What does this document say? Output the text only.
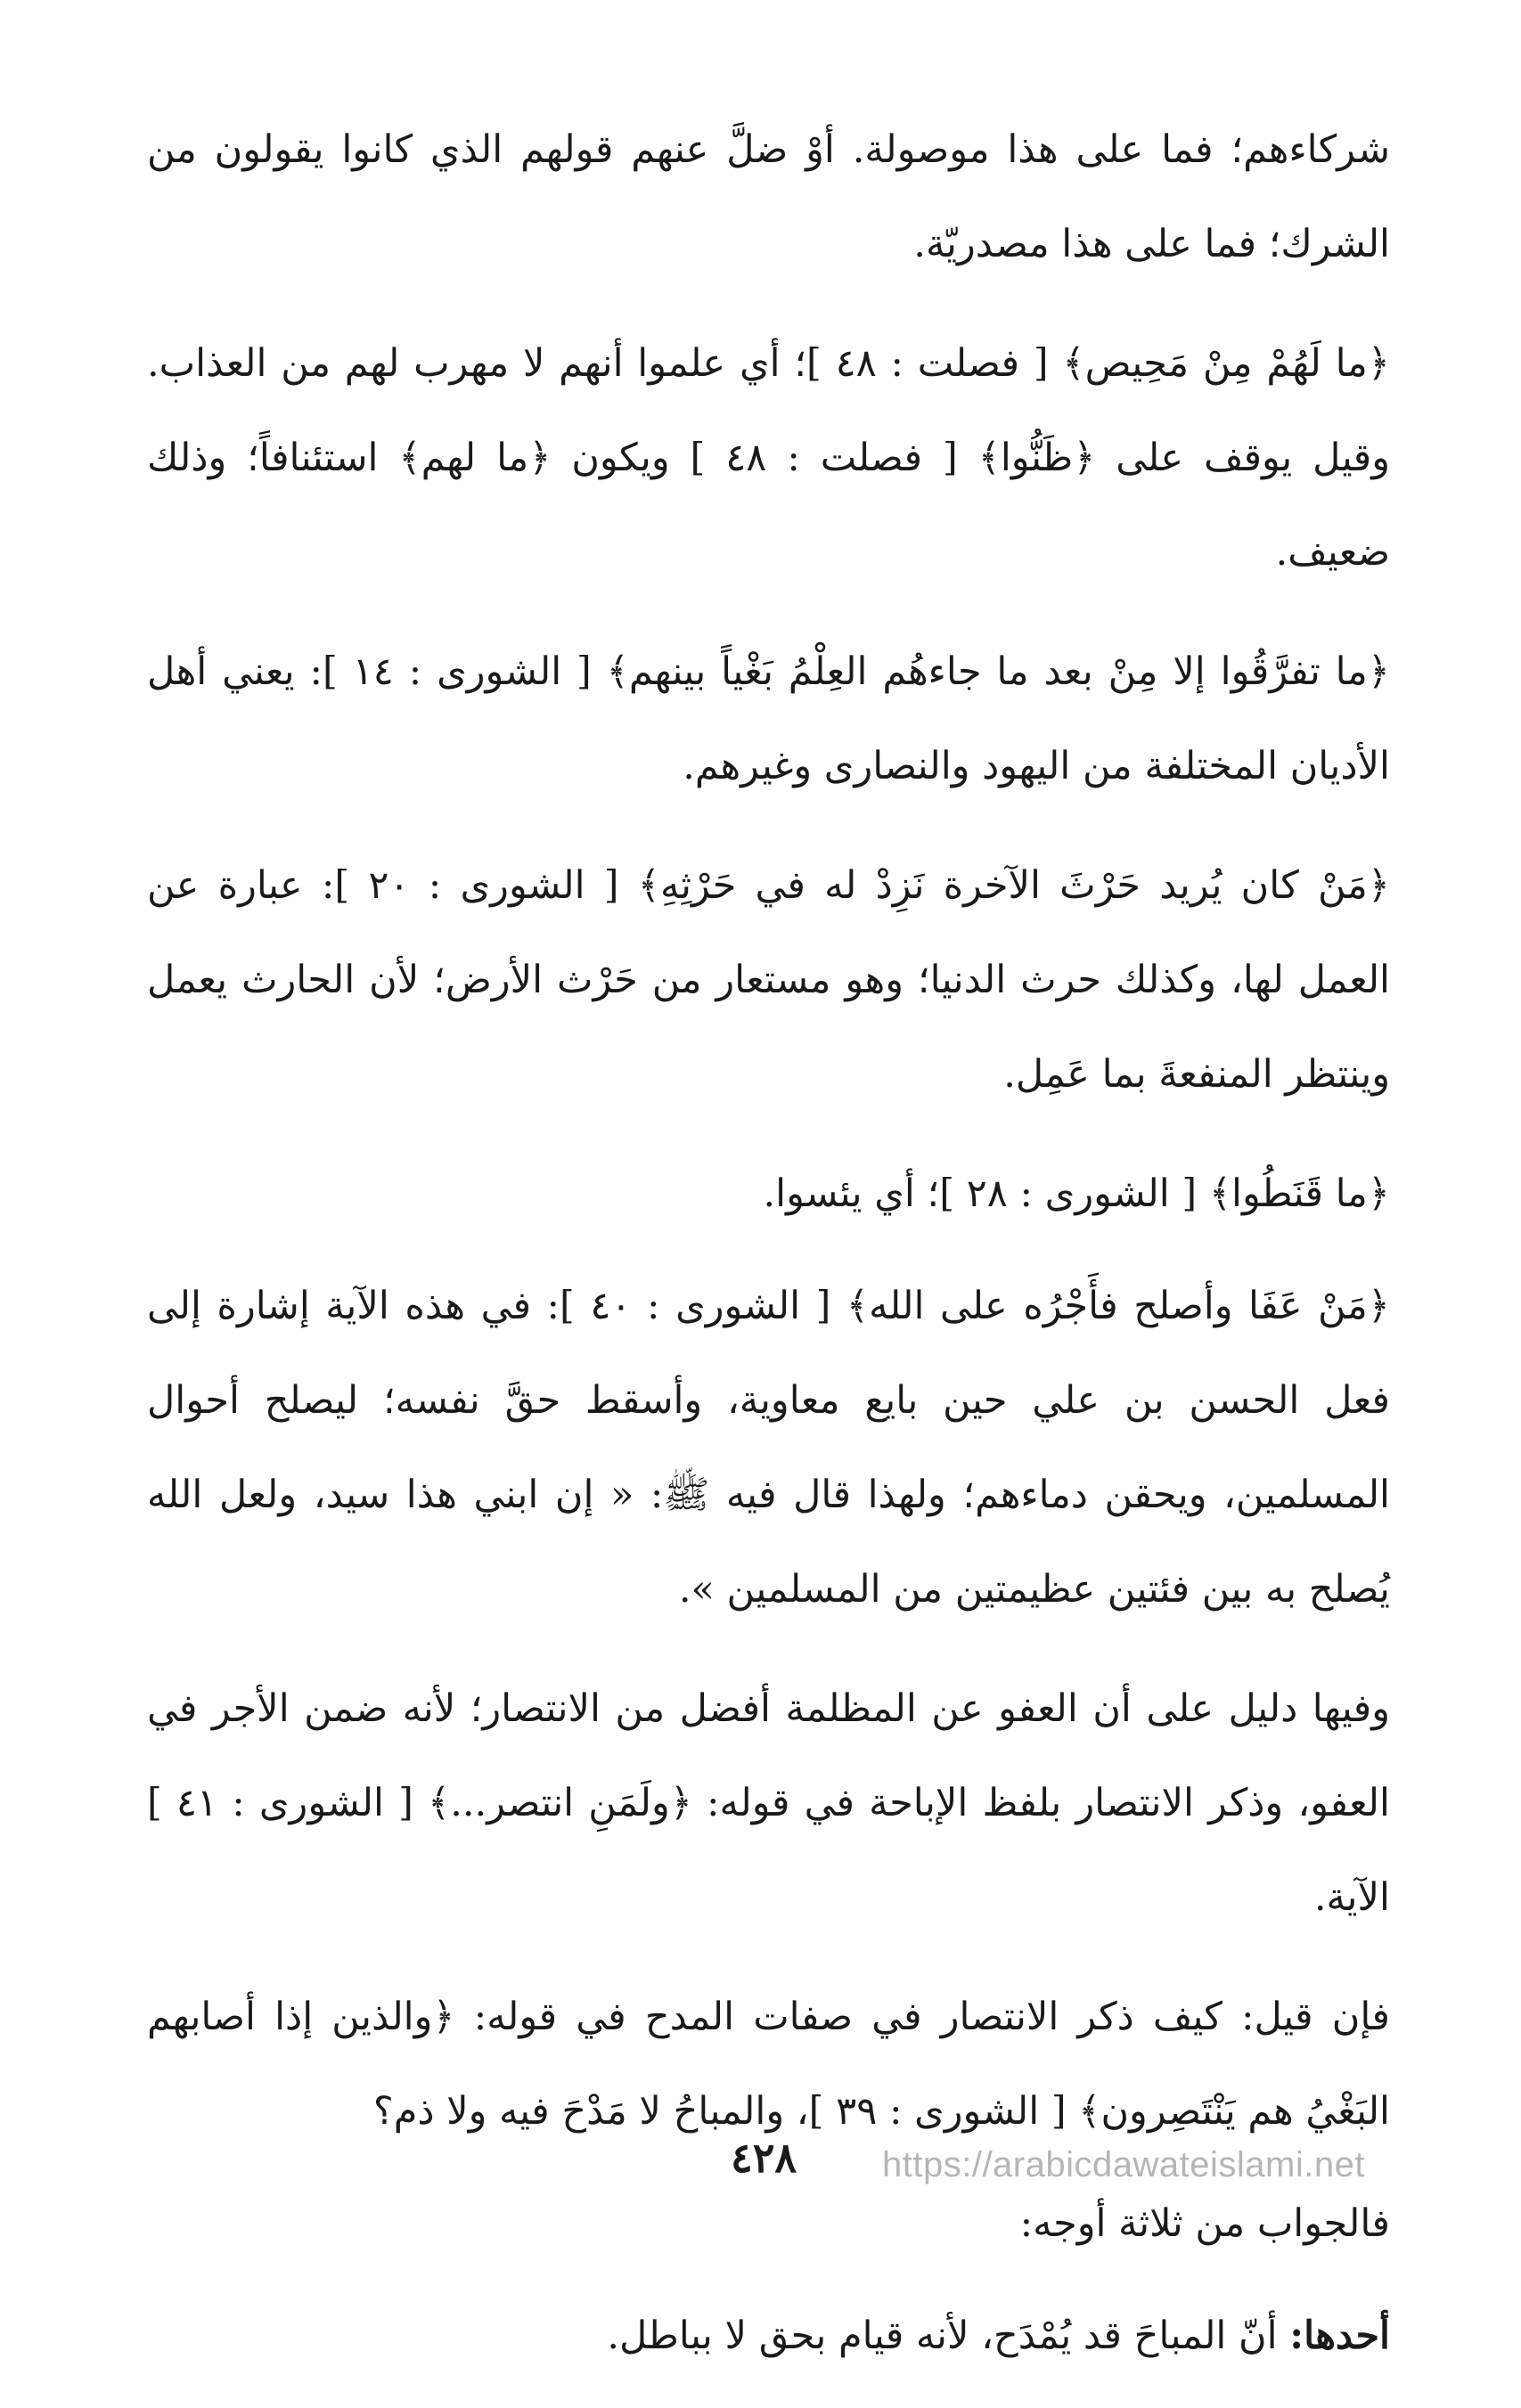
شركاءهم؛ فما على هذا موصولة. أوْ ضلَّ عنهم قولهم الذي كانوا يقولون من الشرك؛ فما على هذا مصدريّة.

﴿ما لَهُمْ مِنْ مَحِيص﴾ [ فصلت : ٤٨ ]؛ أي علموا أنهم لا مهرب لهم من العذاب. وقيل يوقف على ﴿ظَنُّوا﴾ [ فصلت : ٤٨ ] ويكون ﴿ما لهم﴾ استئنافاً؛ وذلك ضعيف.

﴿ما تفرَّقُوا إلا مِنْ بعد ما جاءهُم العِلْمُ بَغْياً بينهم﴾ [ الشورى : ١٤ ]: يعني أهل الأديان المختلفة من اليهود والنصارى وغيرهم.

﴿مَنْ كان يُريد حَرْثَ الآخرة نَزِدْ له في حَرْثِهِ﴾ [ الشورى : ٢٠ ]: عبارة عن العمل لها، وكذلك حرث الدنيا؛ وهو مستعار من حَرْث الأرض؛ لأن الحارث يعمل وينتظر المنفعةَ بما عَمِل.

﴿ما قَنَطُوا﴾ [ الشورى : ٢٨ ]؛ أي يئسوا.

﴿مَنْ عَفَا وأصلح فأَجْرُه على الله﴾ [ الشورى : ٤٠ ]: في هذه الآية إشارة إلى فعل الحسن بن علي حين بايع معاوية، وأسقط حقَّ نفسه؛ ليصلح أحوال المسلمين، ويحقن دماءهم؛ ولهذا قال فيه ﷺ: « إن ابني هذا سيد، ولعل الله يُصلح به بين فئتين عظيمتين من المسلمين ».

وفيها دليل على أن العفو عن المظلمة أفضل من الانتصار؛ لأنه ضمن الأجر في العفو، وذكر الانتصار بلفظ الإباحة في قوله: ﴿ولَمَنِ انتصر...﴾ [ الشورى : ٤١ ] الآية.

فإن قيل: كيف ذكر الانتصار في صفات المدح في قوله: ﴿والذين إذا أصابهم البَغْيُ هم يَنْتَصِرون﴾ [ الشورى : ٣٩ ]، والمباحُ لا مَدْحَ فيه ولا ذم؟

فالجواب من ثلاثة أوجه:

أحدها: أنّ المباحَ قد يُمْدَح، لأنه قيام بحق لا بباطل.

٤٢٨ https://arabicdawateislami.net
